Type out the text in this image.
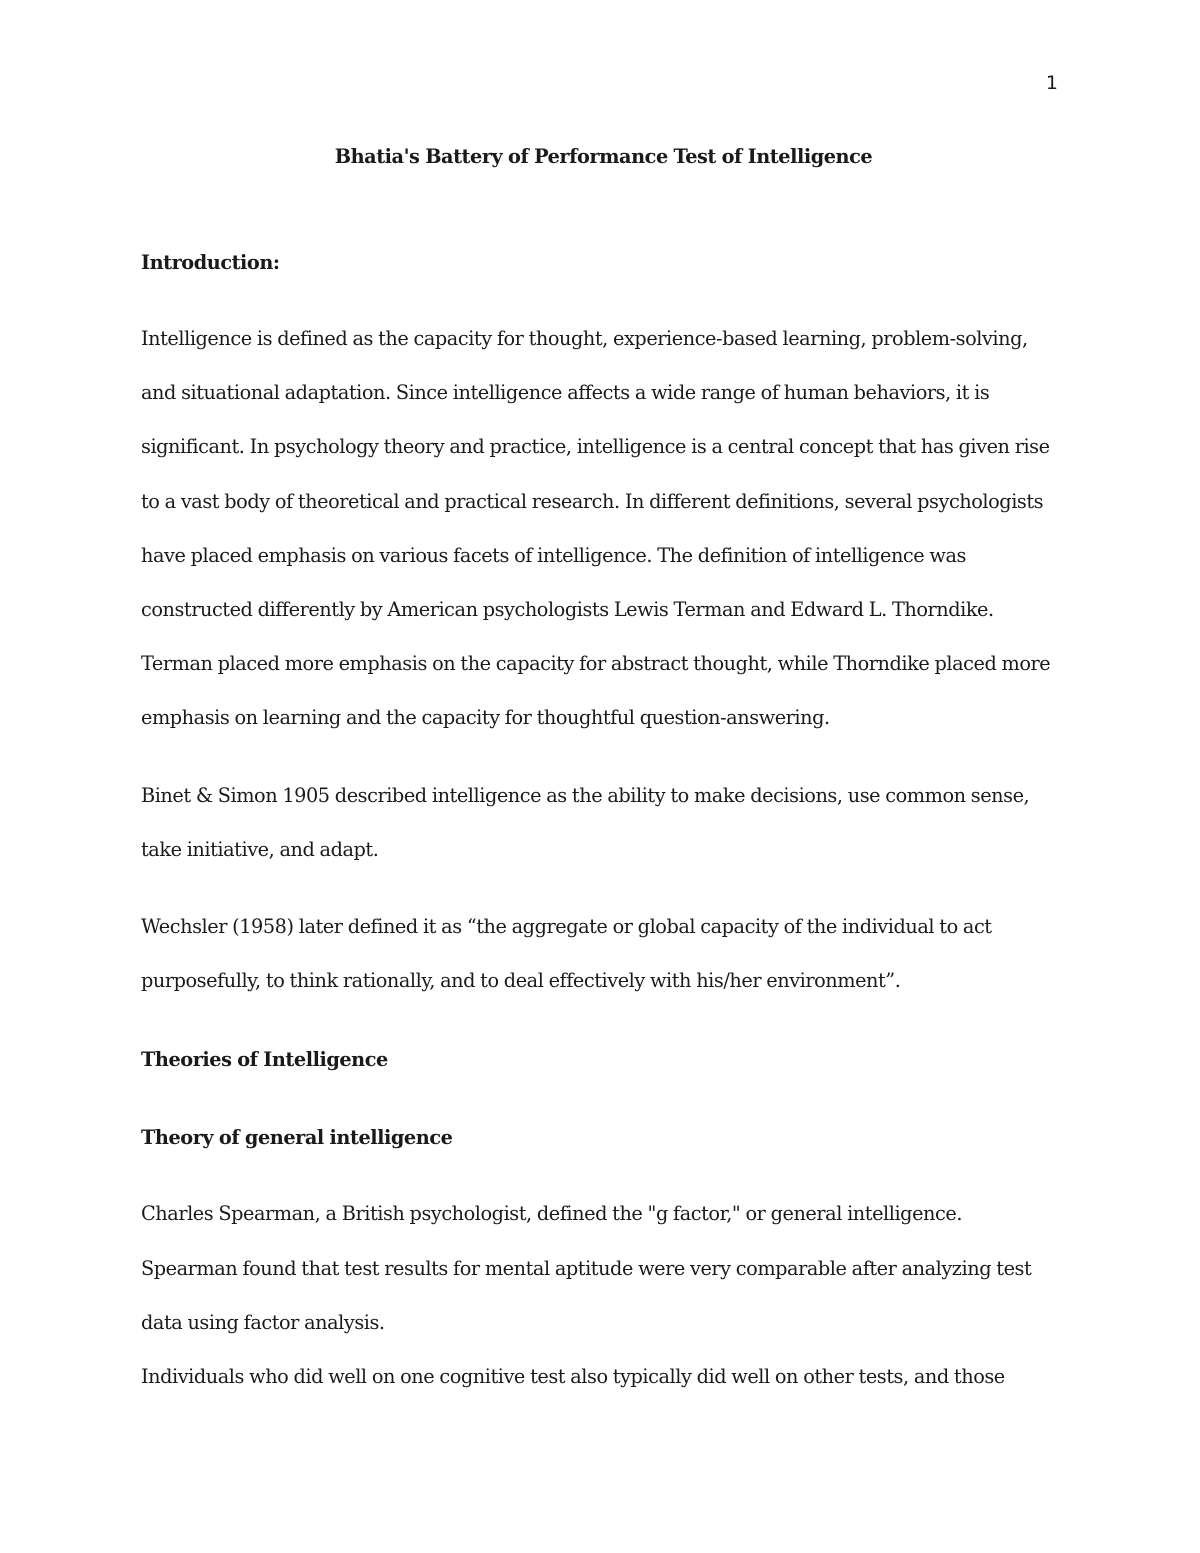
1
Bhatia's Battery of Performance Test of Intelligence

Introduction:

Intelligence is defined as the capacity for thought, experience-based learning, problem-solving,
and situational adaptation. Since intelligence affects a wide range of human behaviors, it is
significant. In psychology theory and practice, intelligence is a central concept that has given rise
to a vast body of theoretical and practical research. In different definitions, several psychologists
have placed emphasis on various facets of intelligence. The definition of intelligence was
constructed differently by American psychologists Lewis Terman and Edward L. Thorndike.
Terman placed more emphasis on the capacity for abstract thought, while Thorndike placed more
emphasis on learning and the capacity for thoughtful question-answering.

Binet & Simon 1905 described intelligence as the ability to make decisions, use common sense,
take initiative, and adapt.

Wechsler (1958) later defined it as “the aggregate or global capacity of the individual to act
purposefully, to think rationally, and to deal effectively with his/her environment”.

Theories of Intelligence

Theory of general intelligence

Charles Spearman, a British psychologist, defined the "g factor," or general intelligence.
Spearman found that test results for mental aptitude were very comparable after analyzing test
data using factor analysis.

Individuals who did well on one cognitive test also typically did well on other tests, and those
